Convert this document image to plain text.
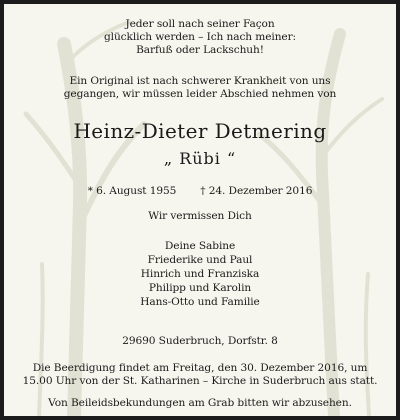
Jeder soll nach seiner Façon
glücklich werden – Ich nach meiner:
Barfuß oder Lackschuh!
Ein Original ist nach schwerer Krankheit von uns
gegangen, wir müssen leider Abschied nehmen von
Heinz-Dieter Detmering
„ Rübi “
* 6. August 1955 † 24. Dezember 2016
Wir vermissen Dich
Deine Sabine
Friederike und Paul
Hinrich und Franziska
Philipp und Karolin
Hans-Otto und Familie
29690 Suderbruch, Dorfstr. 8
Die Beerdigung findet am Freitag, den 30. Dezember 2016, um
15.00 Uhr von der St. Katharinen – Kirche in Suderbruch aus statt.
Von Beileidsbekundungen am Grab bitten wir abzusehen.
